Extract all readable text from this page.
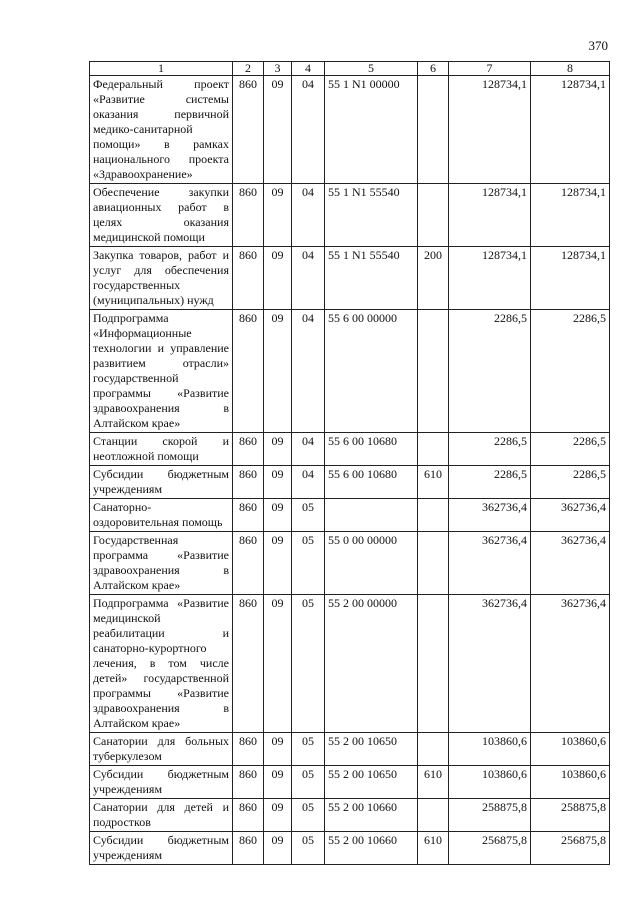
370
1	2	3	4	5	6	7	8
Федеральный проект «Развитие системы оказания первичной медико-санитарной помощи» в рамках национального проекта «Здравоохранение»	860	09	04	55 1 N1 00000		128734,1	128734,1
Обеспечение закупки авиационных работ в целях оказания медицинской помощи	860	09	04	55 1 N1 55540		128734,1	128734,1
Закупка товаров, работ и услуг для обеспечения государственных (муниципальных) нужд	860	09	04	55 1 N1 55540	200	128734,1	128734,1
Подпрограмма «Информационные технологии и управление развитием отрасли» государственной программы «Развитие здравоохранения в Алтайском крае»	860	09	04	55 6 00 00000		2286,5	2286,5
Станции скорой и неотложной помощи	860	09	04	55 6 00 10680		2286,5	2286,5
Субсидии бюджетным учреждениям	860	09	04	55 6 00 10680	610	2286,5	2286,5
Санаторно-оздоровительная помощь	860	09	05			362736,4	362736,4
Государственная программа «Развитие здравоохранения в Алтайском крае»	860	09	05	55 0 00 00000		362736,4	362736,4
Подпрограмма «Развитие медицинской реабилитации и санаторно-курортного лечения, в том числе детей» государственной программы «Развитие здравоохранения в Алтайском крае»	860	09	05	55 2 00 00000		362736,4	362736,4
Санатории для больных туберкулезом	860	09	05	55 2 00 10650		103860,6	103860,6
Субсидии бюджетным учреждениям	860	09	05	55 2 00 10650	610	103860,6	103860,6
Санатории для детей и подростков	860	09	05	55 2 00 10660		258875,8	258875,8
Субсидии бюджетным учреждениям	860	09	05	55 2 00 10660	610	256875,8	256875,8
